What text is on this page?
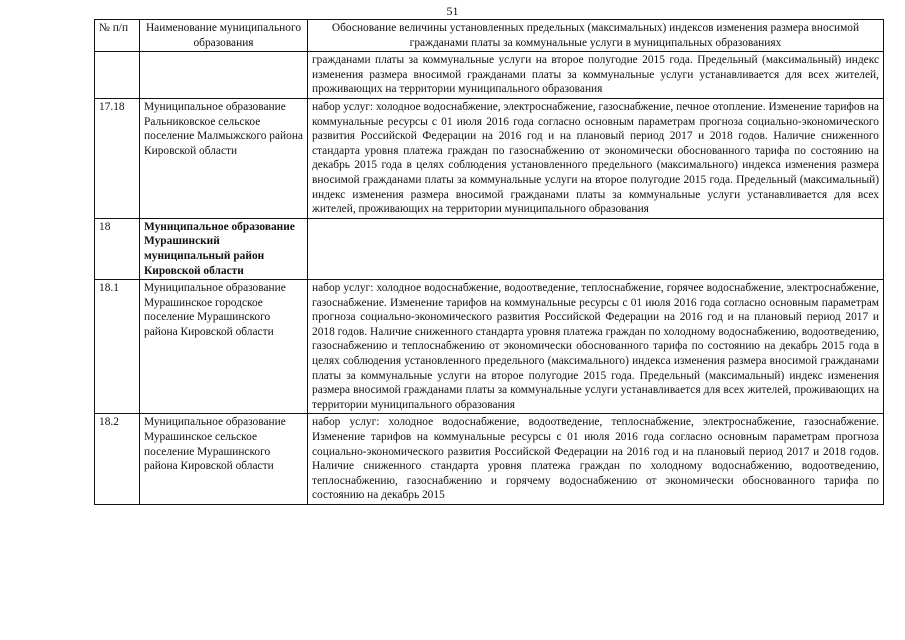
51
№ п/п	Наименование муниципального образования	Обоснование величины установленных предельных (максимальных) индексов изменения размера вносимой гражданами платы за коммунальные услуги в муниципальных образованиях
		гражданами платы за коммунальные услуги на второе полугодие 2015 года. Предельный (максимальный) индекс изменения размера вносимой гражданами платы за коммунальные услуги устанавливается для всех жителей, проживающих на территории муниципального образования
17.18	Муниципальное образование Ральниковское сельское поселение Малмыжского района Кировской области	набор услуг: холодное водоснабжение, электроснабжение, газоснабжение, печное отопление. Изменение тарифов на коммунальные ресурсы с 01 июля 2016 года согласно основным параметрам прогноза социально-экономического развития Российской Федерации на 2016 год и на плановый период 2017 и 2018 годов. Наличие сниженного стандарта уровня платежа граждан по газоснабжению от экономически обоснованного тарифа по состоянию на декабрь 2015 года в целях соблюдения установленного предельного (максимального) индекса изменения размера вносимой гражданами платы за коммунальные услуги на второе полугодие 2015 года. Предельный (максимальный) индекс изменения размера вносимой гражданами платы за коммунальные услуги устанавливается для всех жителей, проживающих на территории муниципального образования
18	Муниципальное образование Мурашинский муниципальный район Кировской области	
18.1	Муниципальное образование Мурашинское городское поселение Мурашинского района Кировской области	набор услуг: холодное водоснабжение, водоотведение, теплоснабжение, горячее водоснабжение, электроснабжение, газоснабжение. Изменение тарифов на коммунальные ресурсы с 01 июля 2016 года согласно основным параметрам прогноза социально-экономического развития Российской Федерации на 2016 год и на плановый период 2017 и 2018 годов. Наличие сниженного стандарта уровня платежа граждан по холодному водоснабжению, водоотведению, газоснабжению и теплоснабжению от экономически обоснованного тарифа по состоянию на декабрь 2015 года в целях соблюдения установленного предельного (максимального) индекса изменения размера вносимой гражданами платы за коммунальные услуги на второе полугодие 2015 года. Предельный (максимальный) индекс изменения размера вносимой гражданами платы за коммунальные услуги устанавливается для всех жителей, проживающих на территории муниципального образования
18.2	Муниципальное образование Мурашинское сельское поселение Мурашинского района Кировской области	набор услуг: холодное водоснабжение, водоотведение, теплоснабжение, электроснабжение, газоснабжение. Изменение тарифов на коммунальные ресурсы с 01 июля 2016 года согласно основным параметрам прогноза социально-экономического развития Российской Федерации на 2016 год и на плановый период 2017 и 2018 годов. Наличие сниженного стандарта уровня платежа граждан по холодному водоснабжению, водоотведению, теплоснабжению, газоснабжению и горячему водоснабжению от экономически обоснованного тарифа по состоянию на декабрь 2015
